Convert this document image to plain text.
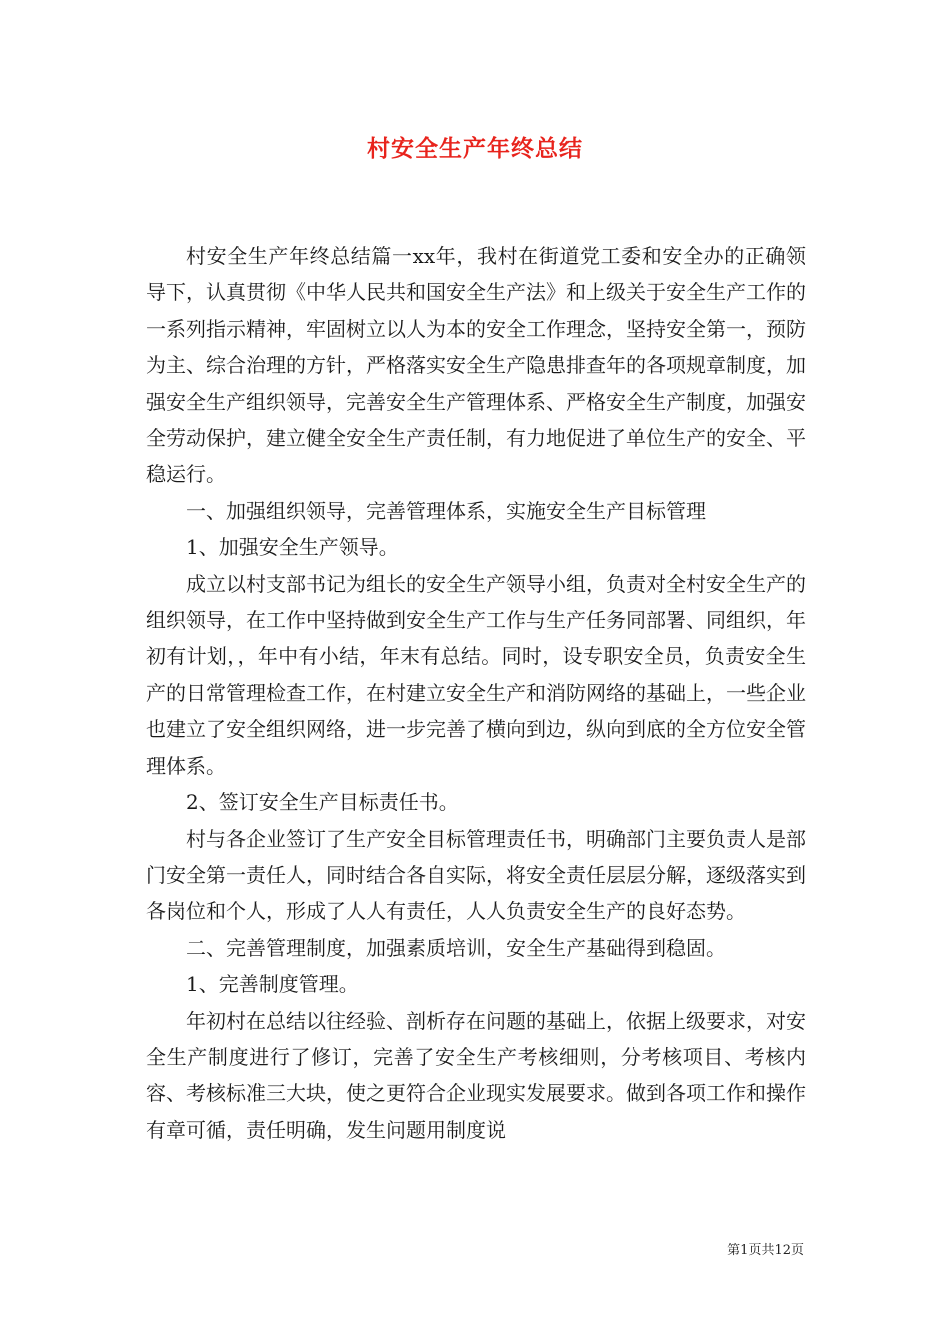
村安全生产年终总结

村安全生产年终总结篇一xx年，我村在街道党工委和安全办的正确领导下，认真贯彻《中华人民共和国安全生产法》和上级关于安全生产工作的一系列指示精神，牢固树立以人为本的安全工作理念，坚持安全第一，预防为主、综合治理的方针，严格落实安全生产隐患排查年的各项规章制度，加强安全生产组织领导，完善安全生产管理体系、严格安全生产制度，加强安全劳动保护，建立健全安全生产责任制，有力地促进了单位生产的安全、平稳运行。

一、加强组织领导，完善管理体系，实施安全生产目标管理

1、加强安全生产领导。

成立以村支部书记为组长的安全生产领导小组，负责对全村安全生产的组织领导，在工作中坚持做到安全生产工作与生产任务同部署、同组织，年初有计划，，年中有小结，年末有总结。同时，设专职安全员，负责安全生产的日常管理检查工作，在村建立安全生产和消防网络的基础上，一些企业也建立了安全组织网络，进一步完善了横向到边，纵向到底的全方位安全管理体系。

2、签订安全生产目标责任书。

村与各企业签订了生产安全目标管理责任书，明确部门主要负责人是部门安全第一责任人，同时结合各自实际，将安全责任层层分解，逐级落实到各岗位和个人，形成了人人有责任，人人负责安全生产的良好态势。

二、完善管理制度，加强素质培训，安全生产基础得到稳固。

1、完善制度管理。

年初村在总结以往经验、剖析存在问题的基础上，依据上级要求，对安全生产制度进行了修订，完善了安全生产考核细则，分考核项目、考核内容、考核标准三大块，使之更符合企业现实发展要求。做到各项工作和操作有章可循，责任明确，发生问题用制度说

第1页共12页
